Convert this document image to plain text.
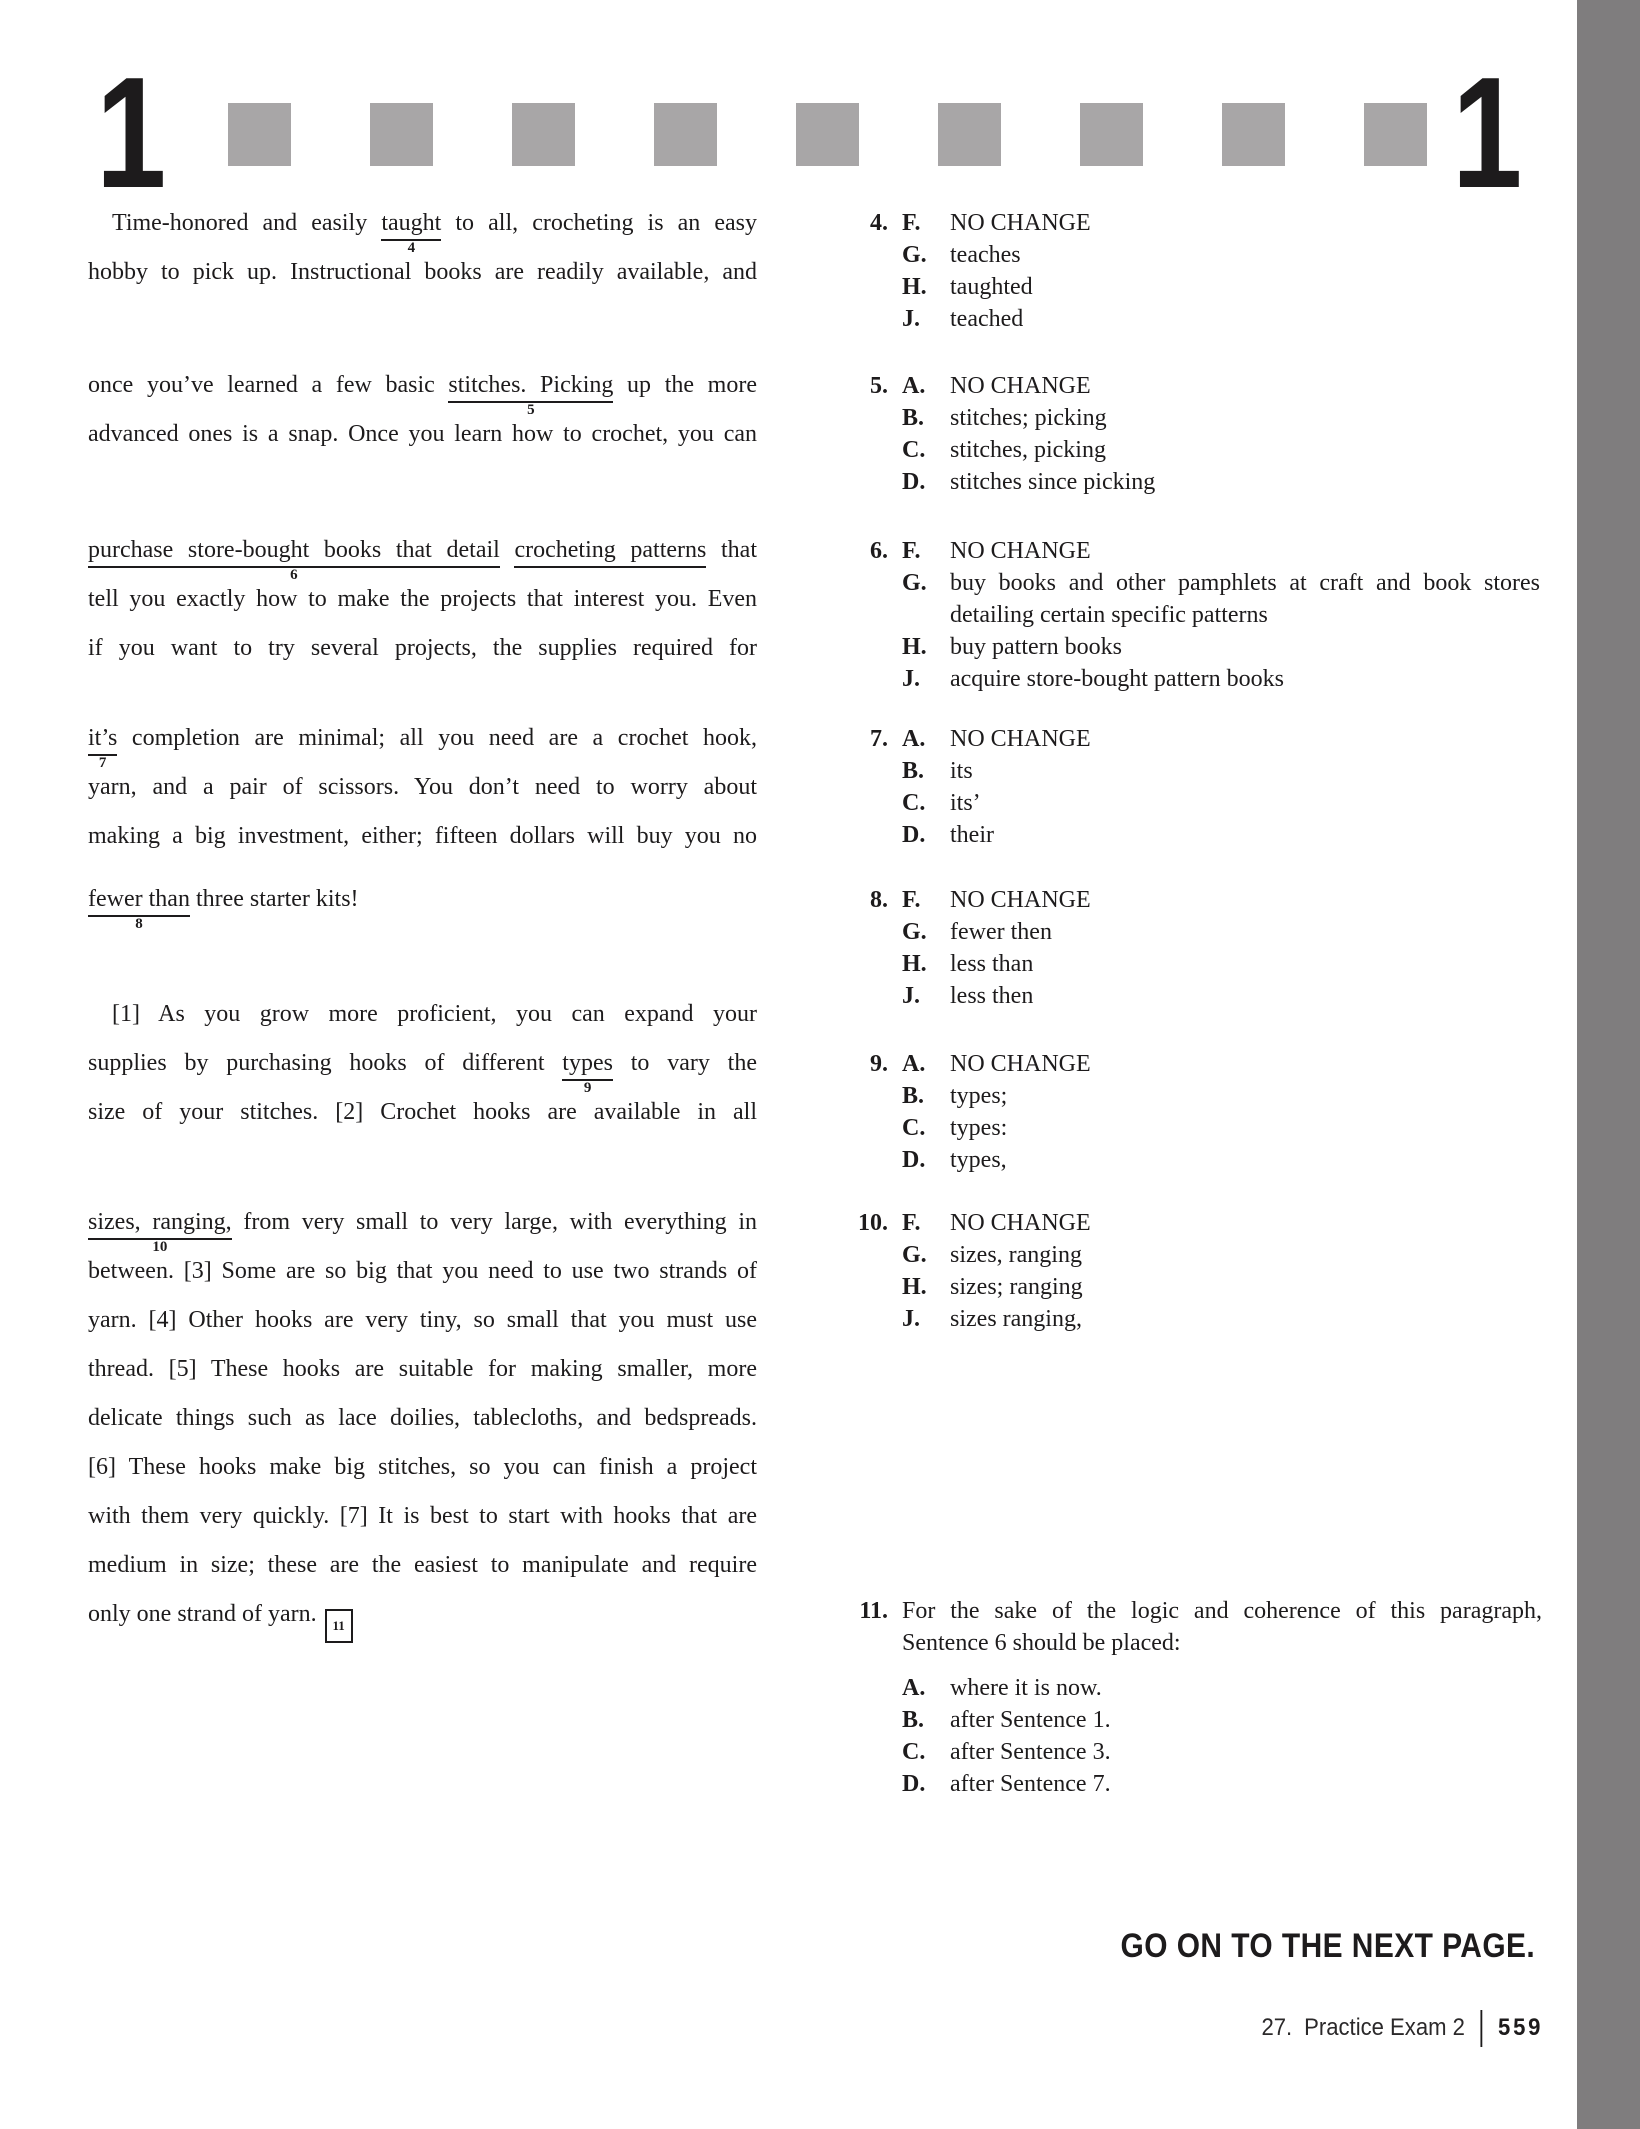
1	1
Time-honored and easily taught
4
to all, crocheting is an easy
hobby to pick up. Instructional books are readily available, and
once you’ve learned a few basic stitches. Picking
5
up the more
advanced ones is a snap. Once you learn how to crochet, you can
purchase store-bought books that detail
6
crocheting patterns that
tell you exactly how to make the projects that interest you. Even
if you want to try several projects, the supplies required for
it’s
7
completion are minimal; all you need are a crochet hook,
yarn, and a pair of scissors. You don’t need to worry about
making a big investment, either; fifteen dollars will buy you no
fewer than
8
three starter kits!
[1] As you grow more proficient, you can expand your
supplies by purchasing hooks of different types
9
to vary the
size of your stitches. [2] Crochet hooks are available in all
sizes, ranging,
10
from very small to very large, with everything in
between. [3] Some are so big that you need to use two strands of
yarn. [4] Other hooks are very tiny, so small that you must use
thread. [5] These hooks are suitable for making smaller, more
delicate things such as lace doilies, tablecloths, and bedspreads.
[6] These hooks make big stitches, so you can finish a project
with them very quickly. [7] It is best to start with hooks that are
medium in size; these are the easiest to manipulate and require
only one strand of yarn. 11
4. F. NO CHANGE
G. teaches
H. taughted
J. teached
5. A. NO CHANGE
B. stitches; picking
C. stitches, picking
D. stitches since picking
6. F. NO CHANGE
G. buy books and other pamphlets at craft and book stores
detailing certain specific patterns
H. buy pattern books
J. acquire store-bought pattern books
7. A. NO CHANGE
B. its
C. its’
D. their
8. F. NO CHANGE
G. fewer then
H. less than
J. less then
9. A. NO CHANGE
B. types;
C. types:
D. types,
10. F. NO CHANGE
G. sizes, ranging
H. sizes; ranging
J. sizes ranging,
11. For the sake of the logic and coherence of this paragraph,
Sentence 6 should be placed:
A. where it is now.
B. after Sentence 1.
C. after Sentence 3.
D. after Sentence 7.
GO ON TO THE NEXT PAGE.
27. Practice Exam 2 559
